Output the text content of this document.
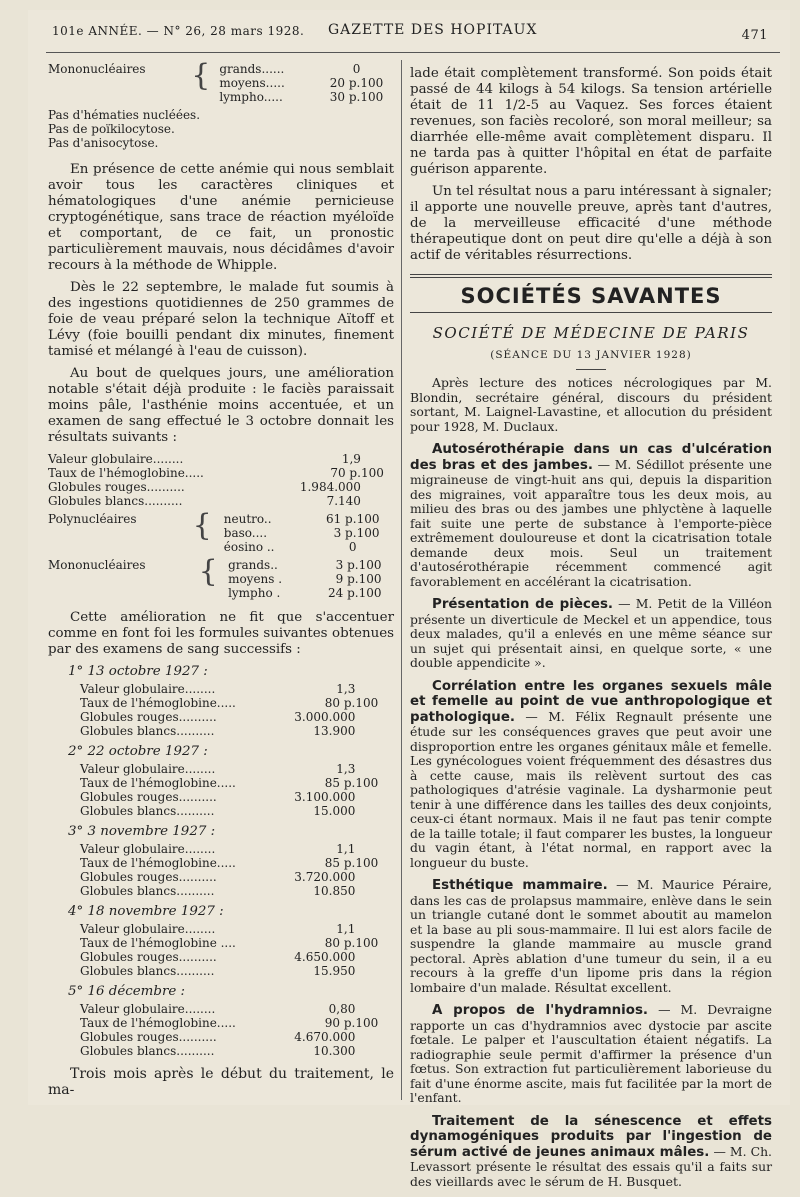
101e ANNÉE. — N° 26, 28 mars 1928. GAZETTE DES HOPITAUX	471
Mononucléaires	{	grands......	0	
		moyens.....	20 p.	100
		lympho.....	30 p.	100
Pas d'hématies nucléées.
Pas de poïkilocytose.
Pas d'anisocytose.

En présence de cette anémie qui nous semblait avoir tous les caractères cliniques et hématologiques d'une anémie pernicieuse cryptogénétique, sans trace de réaction myéloïde et comportant, de ce fait, un pronostic particulièrement mauvais, nous décidâmes d'avoir recours à la méthode de Whipple.

Dès le 22 septembre, le malade fut soumis à des ingestions quotidiennes de 250 grammes de foie de veau préparé selon la technique Aïtoff et Lévy (foie bouilli pendant dix minutes, finement tamisé et mélangé à l'eau de cuisson).

Au bout de quelques jours, une amélioration notable s'était déjà produite : le faciès paraissait moins pâle, l'asthénie moins accentuée, et un examen de sang effectué le 3 octobre donnait les résultats suivants :

Valeur globulaire........	1,9	
Taux de l'hémoglobine.....	70 p.	100
Globules rouges..........	1.984.000	
Globules blancs..........	7.140	
Polynucléaires	{	neutro..	61 p.	100
		baso....	3 p.	100
		éosino ..	0	
Mononucléaires	{	grands..	3 p.	100
		moyens .	9 p.	100
		lympho .	24 p.	100

Cette amélioration ne fit que s'accentuer comme en font foi les formules suivantes obtenues par des examens de sang successifs :

1° 13 octobre 1927 :
Valeur globulaire........	1,3	
Taux de l'hémoglobine.....	80 p.	100
Globules rouges..........	3.000.000	
Globules blancs..........	13.900	
2° 22 octobre 1927 :
Valeur globulaire........	1,3	
Taux de l'hémoglobine.....	85 p.	100
Globules rouges..........	3.100.000	
Globules blancs..........	15.000	
3° 3 novembre 1927 :
Valeur globulaire........	1,1	
Taux de l'hémoglobine.....	85 p.	100
Globules rouges..........	3.720.000	
Globules blancs..........	10.850	
4° 18 novembre 1927 :
Valeur globulaire........	1,1	
Taux de l'hémoglobine ....	80 p.	100
Globules rouges..........	4.650.000	
Globules blancs..........	15.950	
5° 16 décembre :
Valeur globulaire........	0,80	
Taux de l'hémoglobine.....	90 p.	100
Globules rouges..........	4.670.000	
Globules blancs..........	10.300	

Trois mois après le début du traitement, le ma-

lade était complètement transformé. Son poids était passé de 44 kilogs à 54 kilogs. Sa tension artérielle était de 11 1/2-5 au Vaquez. Ses forces étaient revenues, son faciès recoloré, son moral meilleur; sa diarrhée elle-même avait complètement disparu. Il ne tarda pas à quitter l'hôpital en état de parfaite guérison apparente.

Un tel résultat nous a paru intéressant à signaler; il apporte une nouvelle preuve, après tant d'autres, de la merveilleuse efficacité d'une méthode thérapeutique dont on peut dire qu'elle a déjà à son actif de véritables résurrections.

SOCIÉTÉS SAVANTES
SOCIÉTÉ DE MÉDECINE DE PARIS
(SÉANCE DU 13 JANVIER 1928)

Après lecture des notices nécrologiques par M. Blondin, secrétaire général, discours du président sortant, M. Laignel-Lavastine, et allocution du président pour 1928, M. Duclaux.

Autosérothérapie dans un cas d'ulcération des bras et des jambes. — M. Sédillot présente une migraineuse de vingt-huit ans qui, depuis la disparition des migraines, voit apparaître tous les deux mois, au milieu des bras ou des jambes une phlyctène à laquelle fait suite une perte de substance à l'emporte-pièce extrêmement douloureuse et dont la cicatrisation totale demande deux mois. Seul un traitement d'autosérothérapie récemment commencé agit favorablement en accélérant la cicatrisation.

Présentation de pièces. — M. Petit de la Villéon présente un diverticule de Meckel et un appendice, tous deux malades, qu'il a enlevés en une même séance sur un sujet qui présentait ainsi, en quelque sorte, « une double appendicite ».

Corrélation entre les organes sexuels mâle et femelle au point de vue anthropologique et pathologique. — M. Félix Regnault présente une étude sur les conséquences graves que peut avoir une disproportion entre les organes génitaux mâle et femelle. Les gynécologues voient fréquemment des désastres dus à cette cause, mais ils relèvent surtout des cas pathologiques d'atrésie vaginale. La dysharmonie peut tenir à une différence dans les tailles des deux conjoints, ceux-ci étant normaux. Mais il ne faut pas tenir compte de la taille totale; il faut comparer les bustes, la longueur du vagin étant, à l'état normal, en rapport avec la longueur du buste.

Esthétique mammaire. — M. Maurice Péraire, dans les cas de prolapsus mammaire, enlève dans le sein un triangle cutané dont le sommet aboutit au mamelon et la base au pli sous-mammaire. Il lui est alors facile de suspendre la glande mammaire au muscle grand pectoral. Après ablation d'une tumeur du sein, il a eu recours à la greffe d'un lipome pris dans la région lombaire d'un malade. Résultat excellent.

A propos de l'hydramnios. — M. Devraigne rapporte un cas d'hydramnios avec dystocie par ascite fœtale. Le palper et l'auscultation étaient négatifs. La radiographie seule permit d'affirmer la présence d'un fœtus. Son extraction fut particulièrement laborieuse du fait d'une énorme ascite, mais fut facilitée par la mort de l'enfant.

Traitement de la sénescence et effets dynamogéniques produits par l'ingestion de sérum activé de jeunes animaux mâles. — M. Ch. Levassort présente le résultat des essais qu'il a faits sur des vieillards avec le sérum de H. Busquet.
